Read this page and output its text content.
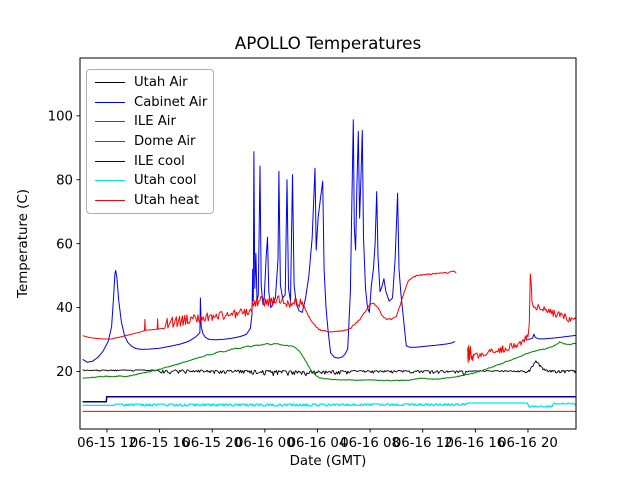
06-15 12
06-15 16
06-15 20
06-16 00
06-16 04
06-16 08
06-16 12
06-16 16
06-16 20
20
40
60
80
100
APOLLO Temperatures
Date (GMT)
Temperature (C)
Utah Air
Cabinet Air
ILE Air
Dome Air
ILE cool
Utah cool
Utah heat
